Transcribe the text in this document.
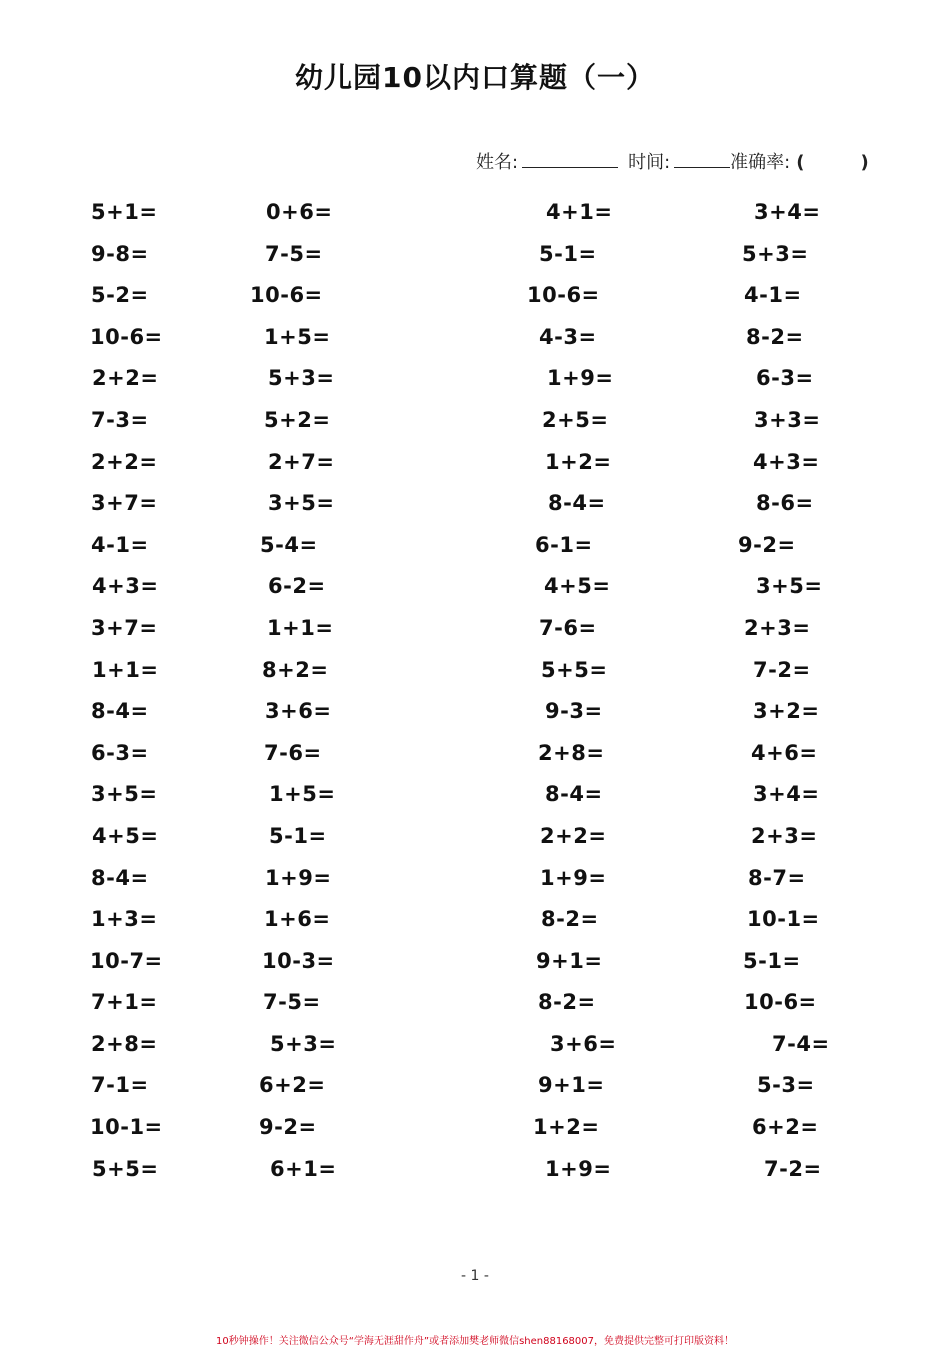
幼儿园10以内口算题（一）
姓名:	时间:	准确率: (	)
5+1=	0+6=	4+1=	3+4=
9-8=	7-5=	5-1=	5+3=
5-2=	10-6=	10-6=	4-1=
10-6=	1+5=	4-3=	8-2=
2+2=	5+3=	1+9=	6-3=
7-3=	5+2=	2+5=	3+3=
2+2=	2+7=	1+2=	4+3=
3+7=	3+5=	8-4=	8-6=
4-1=	5-4=	6-1=	9-2=
4+3=	6-2=	4+5=	3+5=
3+7=	1+1=	7-6=	2+3=
1+1=	8+2=	5+5=	7-2=
8-4=	3+6=	9-3=	3+2=
6-3=	7-6=	2+8=	4+6=
3+5=	1+5=	8-4=	3+4=
4+5=	5-1=	2+2=	2+3=
8-4=	1+9=	1+9=	8-7=
1+3=	1+6=	8-2=	10-1=
10-7=	10-3=	9+1=	5-1=
7+1=	7-5=	8-2=	10-6=
2+8=	5+3=	3+6=	7-4=
7-1=	6+2=	9+1=	5-3=
10-1=	9-2=	1+2=	6+2=
5+5=	6+1=	1+9=	7-2=
- 1 -
10秒钟操作！关注微信公众号“学海无涯甜作舟”或者添加樊老师微信shen88168007，免费提供完整可打印版资料！
